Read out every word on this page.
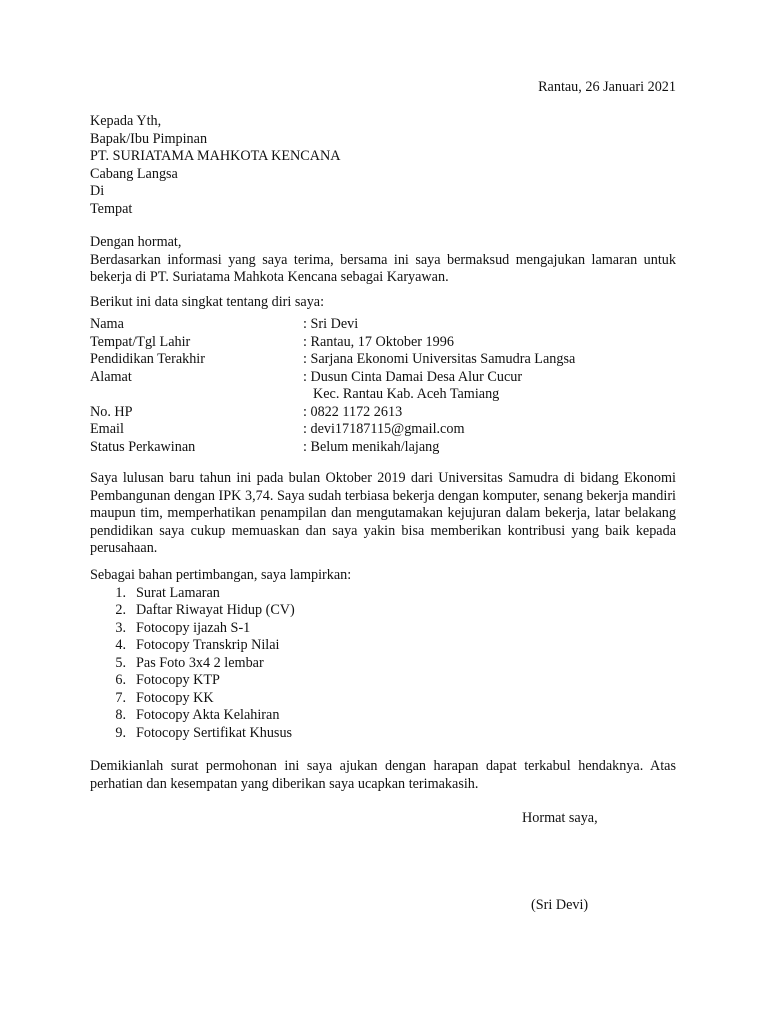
Rantau, 26 Januari 2021
Kepada Yth,
Bapak/Ibu Pimpinan
PT. SURIATAMA MAHKOTA KENCANA
Cabang Langsa
Di
Tempat
Dengan hormat,
Berdasarkan informasi yang saya terima, bersama ini saya bermaksud mengajukan lamaran untuk bekerja di PT. Suriatama Mahkota Kencana sebagai Karyawan.
Berikut ini data singkat tentang diri saya:
Nama	: Sri Devi
Tempat/Tgl Lahir	: Rantau, 17 Oktober 1996
Pendidikan Terakhir	: Sarjana Ekonomi Universitas Samudra Langsa
Alamat	: Dusun Cinta Damai Desa Alur Cucur
Kec. Rantau Kab. Aceh Tamiang
No. HP	: 0822 1172 2613
Email	: devi17187115@gmail.com
Status Perkawinan	: Belum menikah/lajang
Saya lulusan baru tahun ini pada bulan Oktober 2019 dari Universitas Samudra di bidang Ekonomi Pembangunan dengan IPK 3,74. Saya sudah terbiasa bekerja dengan komputer, senang bekerja mandiri maupun tim, memperhatikan penampilan dan mengutamakan kejujuran dalam bekerja, latar belakang pendidikan saya cukup memuaskan dan saya yakin bisa memberikan kontribusi yang baik kepada perusahaan.
Sebagai bahan pertimbangan, saya lampirkan:
1. Surat Lamaran
2. Daftar Riwayat Hidup (CV)
3. Fotocopy ijazah S-1
4. Fotocopy Transkrip Nilai
5. Pas Foto 3x4 2 lembar
6. Fotocopy KTP
7. Fotocopy KK
8. Fotocopy Akta Kelahiran
9. Fotocopy Sertifikat Khusus
Demikianlah surat permohonan ini saya ajukan dengan harapan dapat terkabul hendaknya. Atas perhatian dan kesempatan yang diberikan saya ucapkan terimakasih.
Hormat saya,
(Sri Devi)
